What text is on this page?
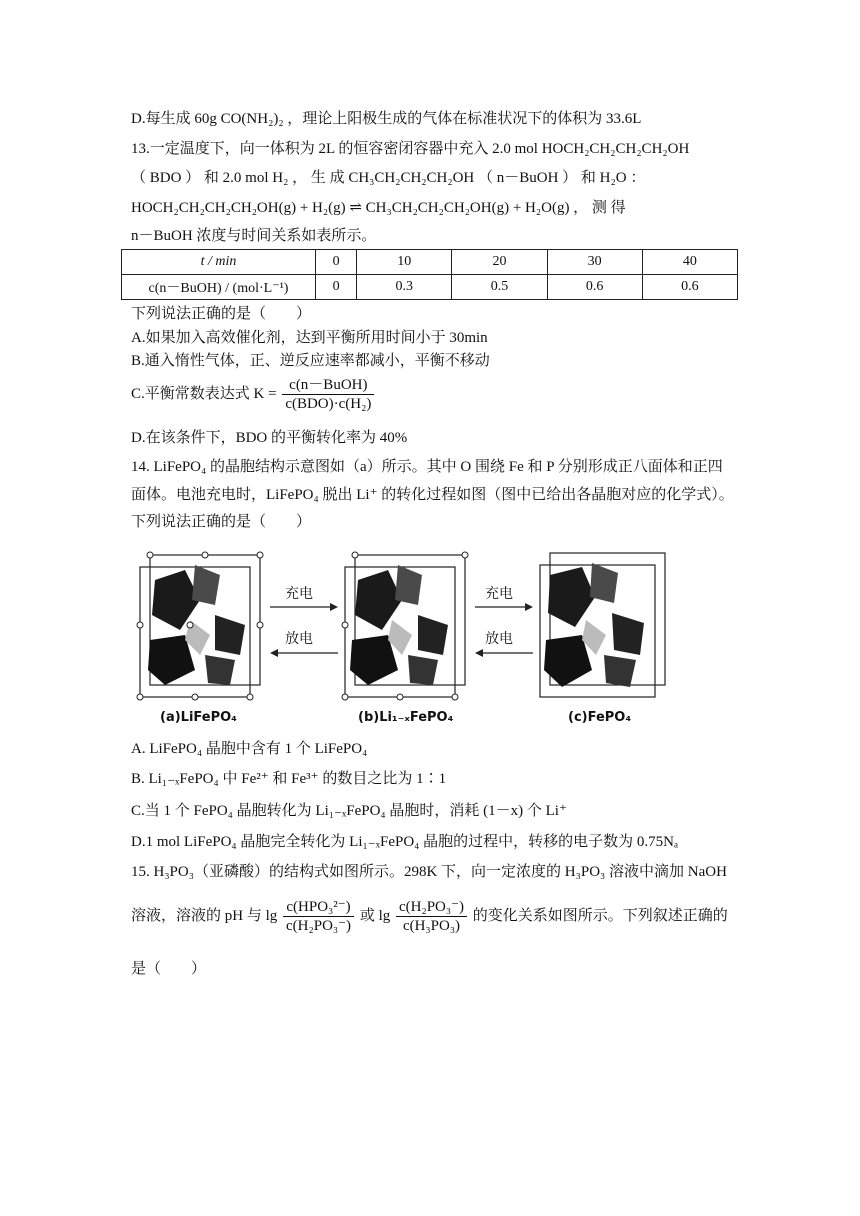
D.每生成 60g CO(NH₂)₂ ，理论上阳极生成的气体在标准状况下的体积为 33.6L
13.一定温度下，向一体积为 2L 的恒容密闭容器中充入 2.0 mol HOCH₂CH₂CH₂CH₂OH
（ BDO ） 和 2.0 mol H₂ ， 生 成 CH₃CH₂CH₂CH₂OH （ n－BuOH ） 和 H₂O ：
HOCH₂CH₂CH₂CH₂OH(g) + H₂(g) ⇌ CH₃CH₂CH₂CH₂OH(g) + H₂O(g) ， 测 得
n－BuOH 浓度与时间关系如表所示。
t / min	0	10	20	30	40
c(n－BuOH) / (mol·L⁻¹)	0	0.3	0.5	0.6	0.6
下列说法正确的是（　　）
A.如果加入高效催化剂，达到平衡所用时间小于 30min
B.通入惰性气体，正、逆反应速率都减小，平衡不移动
C.平衡常数表达式 $K = \frac{\text{c(n－BuOH)}}{\text{c(BDO)·c(H₂)}}$
D.在该条件下，BDO 的平衡转化率为 40%
14. LiFePO₄ 的晶胞结构示意图如（a）所示。其中 O 围绕 Fe 和 P 分别形成正八面体和正四
面体。电池充电时，LiFePO₄ 脱出 Li⁺ 的转化过程如图（图中已给出各晶胞对应的化学式）。
下列说法正确的是（　　）
充电
放电
充电
放电
(a)LiFePO₄	(b)Li₁₋ₓFePO₄	(c)FePO₄
A. LiFePO₄ 晶胞中含有 1 个 LiFePO₄
B. Li₁₋ₓFePO₄ 中 Fe²⁺ 和 Fe³⁺ 的数目之比为 1∶1
C.当 1 个 FePO₄ 晶胞转化为 Li₁₋ₓFePO₄ 晶胞时，消耗 (1－x) 个 Li⁺
D.1 mol LiFePO₄ 晶胞完全转化为 Li₁₋ₓFePO₄ 晶胞的过程中，转移的电子数为 0.75Nₐ
15. H₃PO₃（亚磷酸）的结构式如图所示。298K 下，向一定浓度的 H₃PO₃ 溶液中滴加 NaOH
溶液，溶液的 pH 与 $\lg \frac{\text{c(HPO₃²⁻)}}{\text{c(H₂PO₃⁻)}}$ 或 $\lg \frac{\text{c(H₂PO₃⁻)}}{\text{c(H₃PO₃)}}$ 的变化关系如图所示。下列叙述正确的
是（　　）
